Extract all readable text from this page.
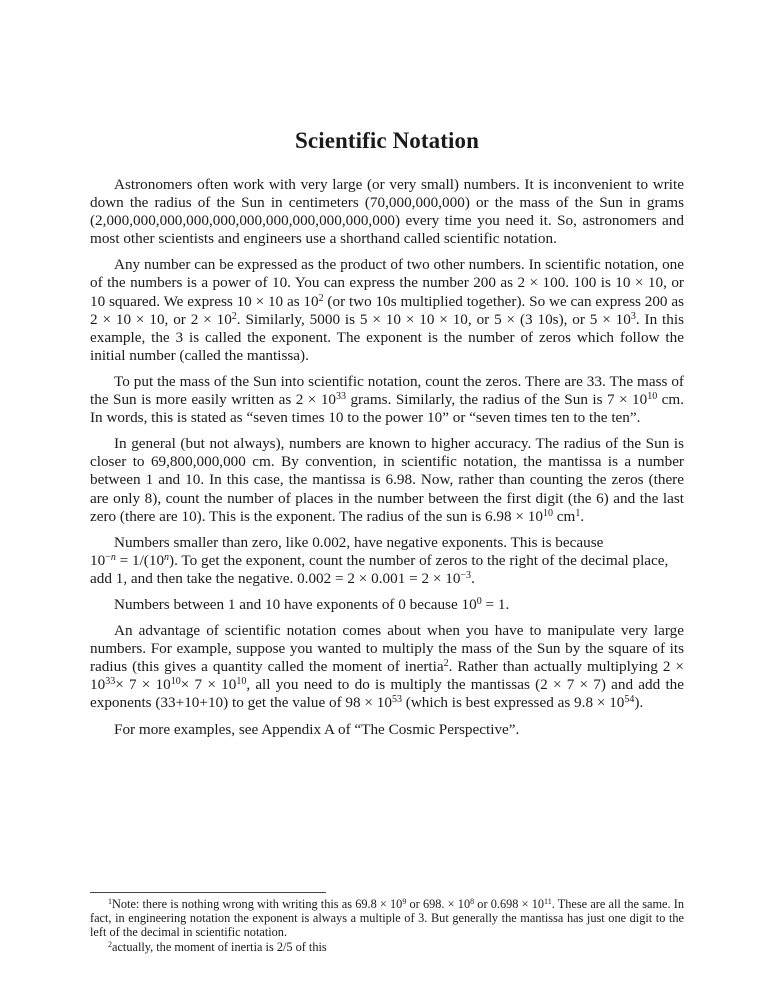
Scientific Notation

Astronomers often work with very large (or very small) numbers. It is inconvenient to write down the radius of the Sun in centimeters (70,000,000,000) or the mass of the Sun in grams (2,000,000,000,000,000,000,000,000,000,000,000) every time you need it. So, astronomers and most other scientists and engineers use a shorthand called scientific notation.

Any number can be expressed as the product of two other numbers. In scientific notation, one of the numbers is a power of 10. You can express the number 200 as 2 × 100. 100 is 10 × 10, or 10 squared. We express 10 × 10 as $10^2$ (or two 10s multiplied together). So we can express 200 as 2 × 10 × 10, or $2 \times 10^2$. Similarly, 5000 is 5 × 10 × 10 × 10, or 5 × (3 10s), or $5 \times 10^3$. In this example, the 3 is called the exponent. The exponent is the number of zeros which follow the initial number (called the mantissa).

To put the mass of the Sun into scientific notation, count the zeros. There are 33. The mass of the Sun is more easily written as $2 \times 10^{33}$ grams. Similarly, the radius of the Sun is $7 \times 10^{10}$ cm. In words, this is stated as “seven times 10 to the power 10” or “seven times ten to the ten”.

In general (but not always), numbers are known to higher accuracy. The radius of the Sun is closer to 69,800,000,000 cm. By convention, in scientific notation, the mantissa is a number between 1 and 10. In this case, the mantissa is 6.98. Now, rather than counting the zeros (there are only 8), count the number of places in the number between the first digit (the 6) and the last zero (there are 10). This is the exponent. The radius of the sun is $6.98 \times 10^{10}$ $cm^1$.

Numbers smaller than zero, like 0.002, have negative exponents. This is because
$10^{-n} = 1/(10^n)$. To get the exponent, count the number of zeros to the right of the decimal place, add 1, and then take the negative. $0.002 = 2 \times 0.001 = 2 \times 10^{-3}$.

Numbers between 1 and 10 have exponents of 0 because $10^0 = 1$.

An advantage of scientific notation comes about when you have to manipulate very large numbers. For example, suppose you wanted to multiply the mass of the Sun by the square of its radius (this gives a quantity called the moment of inertia$^2$. Rather than actually multiplying $2 \times 10^{33}\times 7 \times 10^{10}\times 7 \times 10^{10}$, all you need to do is multiply the mantissas (2 × 7 × 7) and add the exponents (33+10+10) to get the value of $98 \times 10^{53}$ (which is best expressed as $9.8 \times 10^{54}$).

For more examples, see Appendix A of “The Cosmic Perspective”.

$^1$Note: there is nothing wrong with writing this as $69.8 \times 10^9$ or 698. × $10^8$ or $0.698 \times 10^{11}$. These are all the same. In fact, in engineering notation the exponent is always a multiple of 3. But generally the mantissa has just one digit to the left of the decimal in scientific notation.

$^2$actually, the moment of inertia is 2/5 of this
